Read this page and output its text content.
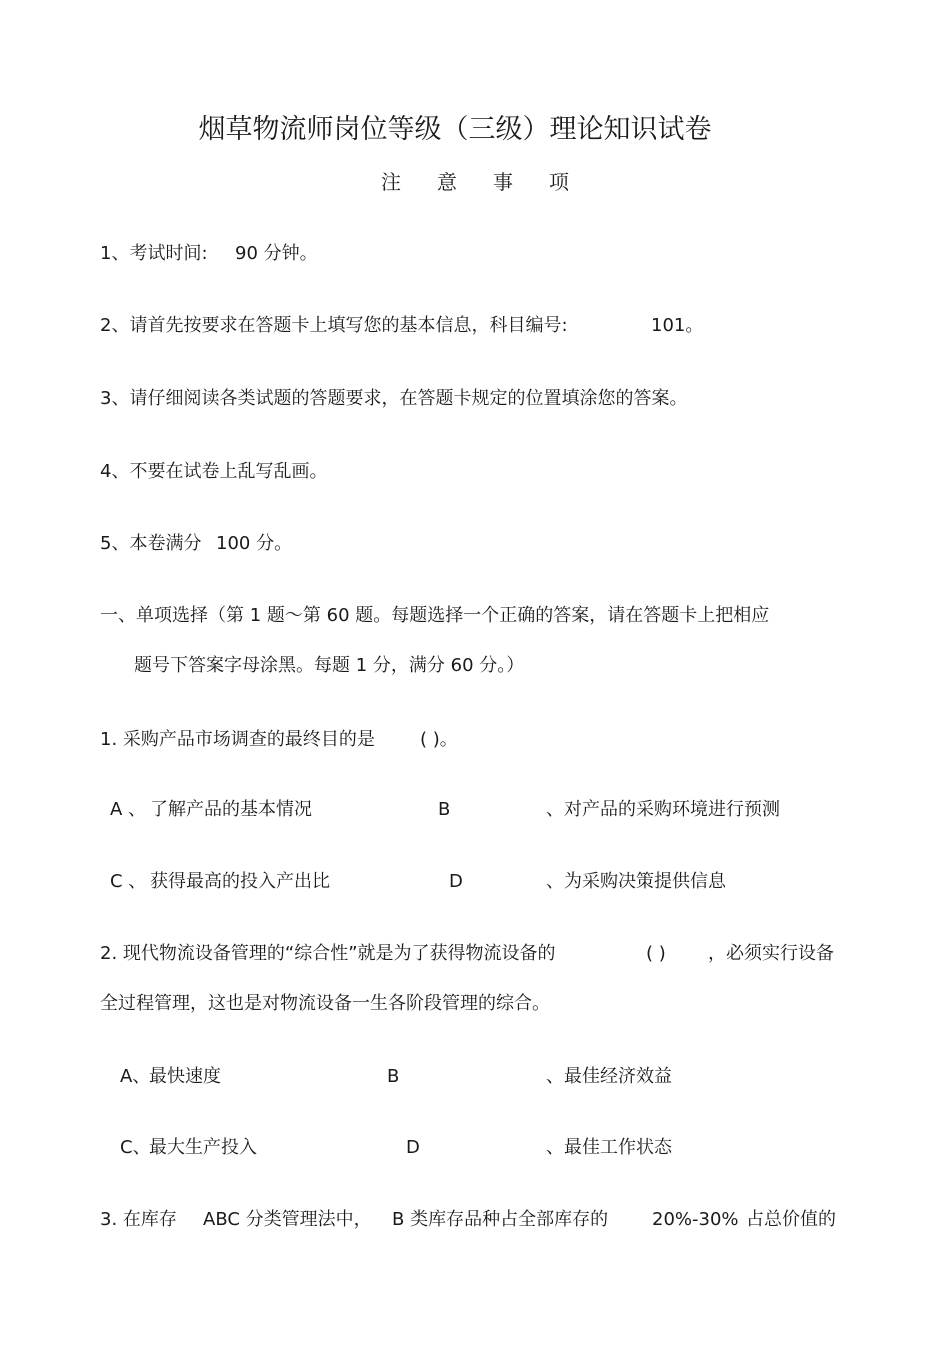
烟草物流师岗位等级（三级）理论知识试卷
注 意 事 项
1、考试时间: 90 分钟。
2、请首先按要求在答题卡上填写您的基本信息，科目编号:	101。
3、请仔细阅读各类试题的答题要求，在答题卡规定的位置填涂您的答案。
4、不要在试卷上乱写乱画。
5、本卷满分 100 分。
一、单项选择（第 1 题～第 60 题。每题选择一个正确的答案，请在答题卡上把相应
题号下答案字母涂黑。每题 1 分，满分 60 分。）
1. 采购产品市场调查的最终目的是	( )。
A 、 了解产品的基本情况	B	、对产品的采购环境进行预测
C 、 获得最高的投入产出比	D	、为采购决策提供信息
2. 现代物流设备管理的“综合性”就是为了获得物流设备的	( ) ，必须实行设备
全过程管理，这也是对物流设备一生各阶段管理的综合。
A、
最快速度	B	、最佳经济效益
C、
最大生产投入	D	、最佳工作状态
3. 在库存 ABC 分类管理法中， B 类库存品种占全部库存的 20%-30% 占总价值的
